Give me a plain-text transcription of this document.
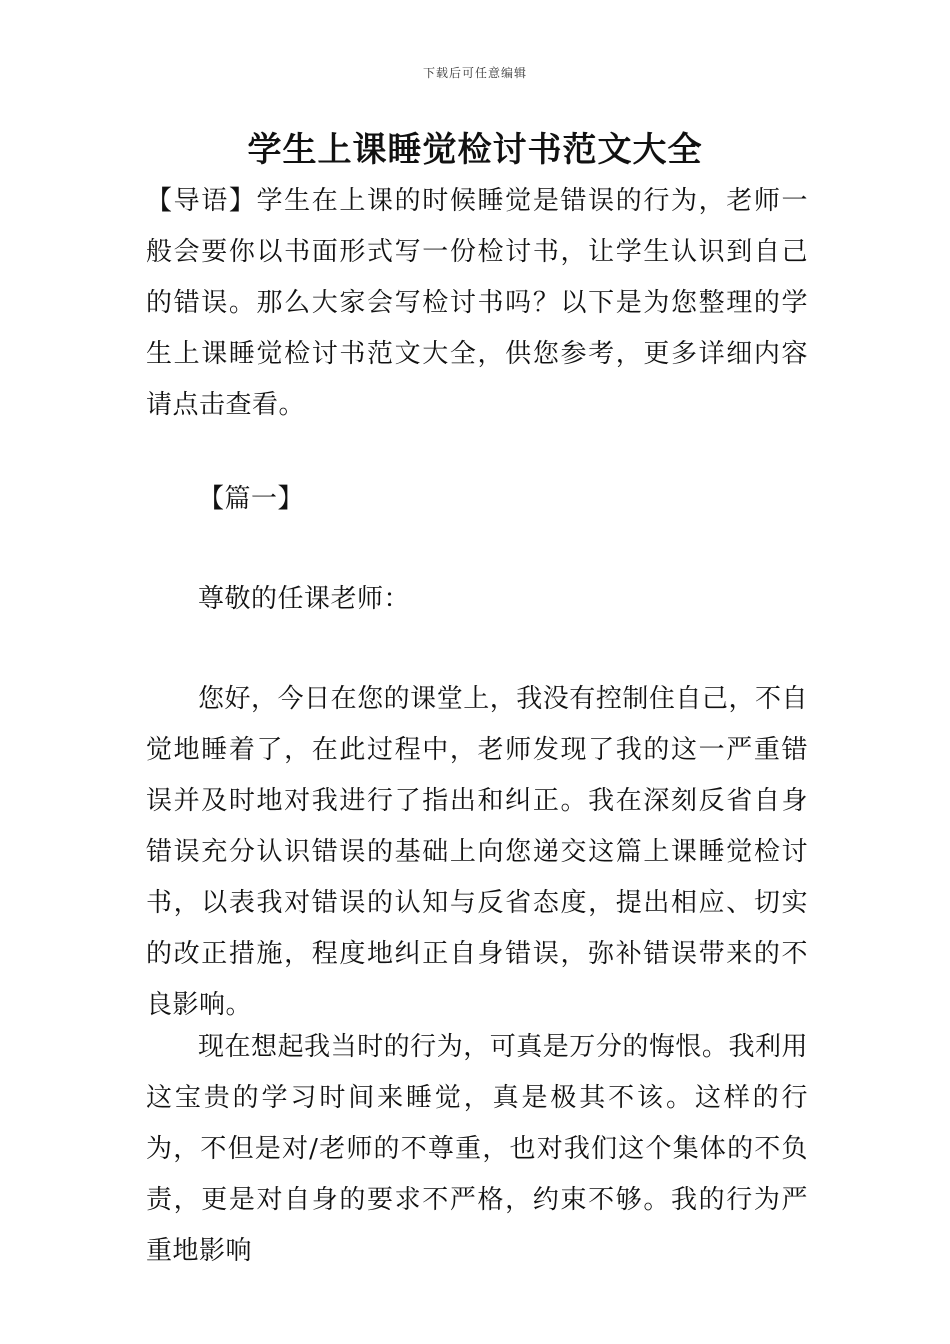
下载后可任意编辑
学生上课睡觉检讨书范文大全

【导语】学生在上课的时候睡觉是错误的行为，老师一般会要你以书面形式写一份检讨书，让学生认识到自己的错误。那么大家会写检讨书吗？以下是为您整理的学生上课睡觉检讨书范文大全，供您参考，更多详细内容请点击查看。

【篇一】

尊敬的任课老师：

您好，今日在您的课堂上，我没有控制住自己，不自觉地睡着了，在此过程中，老师发现了我的这一严重错误并及时地对我进行了指出和纠正。我在深刻反省自身错误充分认识错误的基础上向您递交这篇上课睡觉检讨书，以表我对错误的认知与反省态度，提出相应、切实的改正措施，程度地纠正自身错误，弥补错误带来的不良影响。

现在想起我当时的行为，可真是万分的悔恨。我利用这宝贵的学习时间来睡觉，真是极其不该。这样的行为，不但是对/老师的不尊重，也对我们这个集体的不负责，更是对自身的要求不严格，约束不够。我的行为严重地影响
